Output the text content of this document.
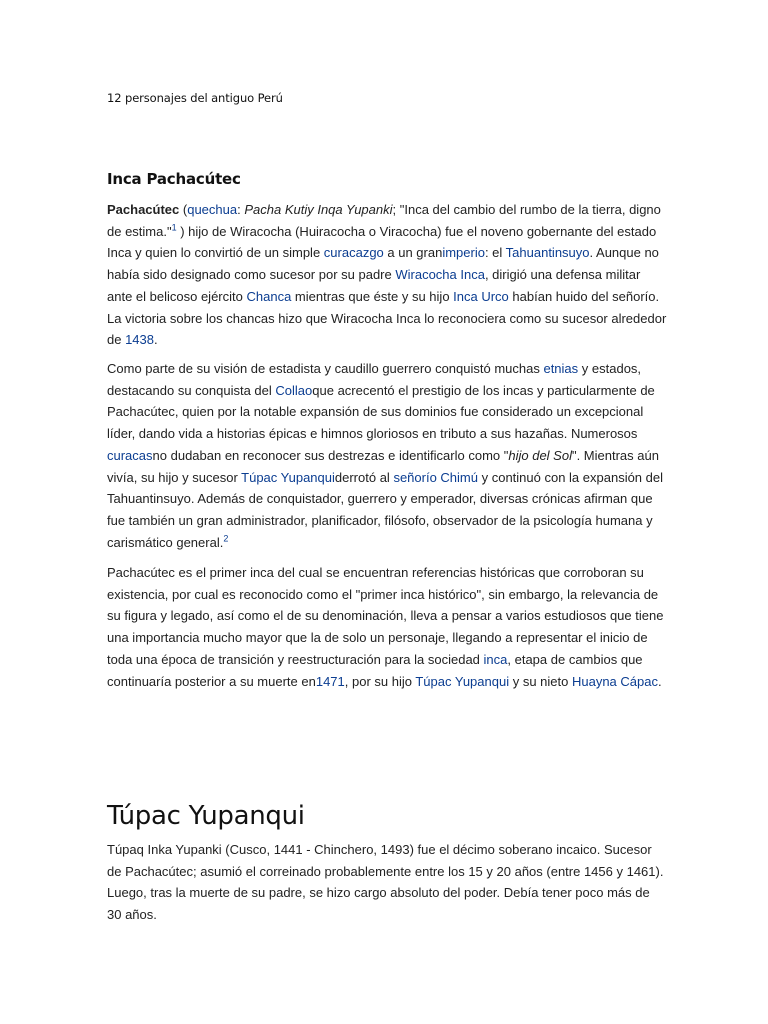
12 personajes del antiguo Perú
Inca Pachacútec

Pachacútec (quechua: Pacha Kutiy Inqa Yupanki; "Inca del cambio del rumbo de la tierra, digno de estima."$^1$ ) hijo de Wiracocha (Huiracocha o Viracocha) fue el noveno gobernante del estado Inca y quien lo convirtió de un simple curacazgo a un granimperio: el Tahuantinsuyo. Aunque no había sido designado como sucesor por su padre Wiracocha Inca, dirigió una defensa militar ante el belicoso ejército Chanca mientras que éste y su hijo Inca Urco habían huido del señorío. La victoria sobre los chancas hizo que Wiracocha Inca lo reconociera como su sucesor alrededor de 1438.

Como parte de su visión de estadista y caudillo guerrero conquistó muchas etnias y estados, destacando su conquista del Collaoque acrecentó el prestigio de los incas y particularmente de Pachacútec, quien por la notable expansión de sus dominios fue considerado un excepcional líder, dando vida a historias épicas e himnos gloriosos en tributo a sus hazañas. Numerosos curacasno dudaban en reconocer sus destrezas e identificarlo como "hijo del Sol". Mientras aún vivía, su hijo y sucesor Túpac Yupanquiderrotó al señorío Chimú y continuó con la expansión del Tahuantinsuyo. Además de conquistador, guerrero y emperador, diversas crónicas afirman que fue también un gran administrador, planificador, filósofo, observador de la psicología humana y carismático general.$^2$

Pachacútec es el primer inca del cual se encuentran referencias históricas que corroboran su existencia, por cual es reconocido como el "primer inca histórico", sin embargo, la relevancia de su figura y legado, así como el de su denominación, lleva a pensar a varios estudiosos que tiene una importancia mucho mayor que la de solo un personaje, llegando a representar el inicio de toda una época de transición y reestructuración para la sociedad inca, etapa de cambios que continuaría posterior a su muerte en1471, por su hijo Túpac Yupanqui y su nieto Huayna Cápac.

Túpac Yupanqui

Túpaq Inka Yupanki (Cusco, 1441 - Chinchero, 1493) fue el décimo soberano incaico. Sucesor de Pachacútec; asumió el correinado probablemente entre los 15 y 20 años (entre 1456 y 1461). Luego, tras la muerte de su padre, se hizo cargo absoluto del poder. Debía tener poco más de 30 años.
